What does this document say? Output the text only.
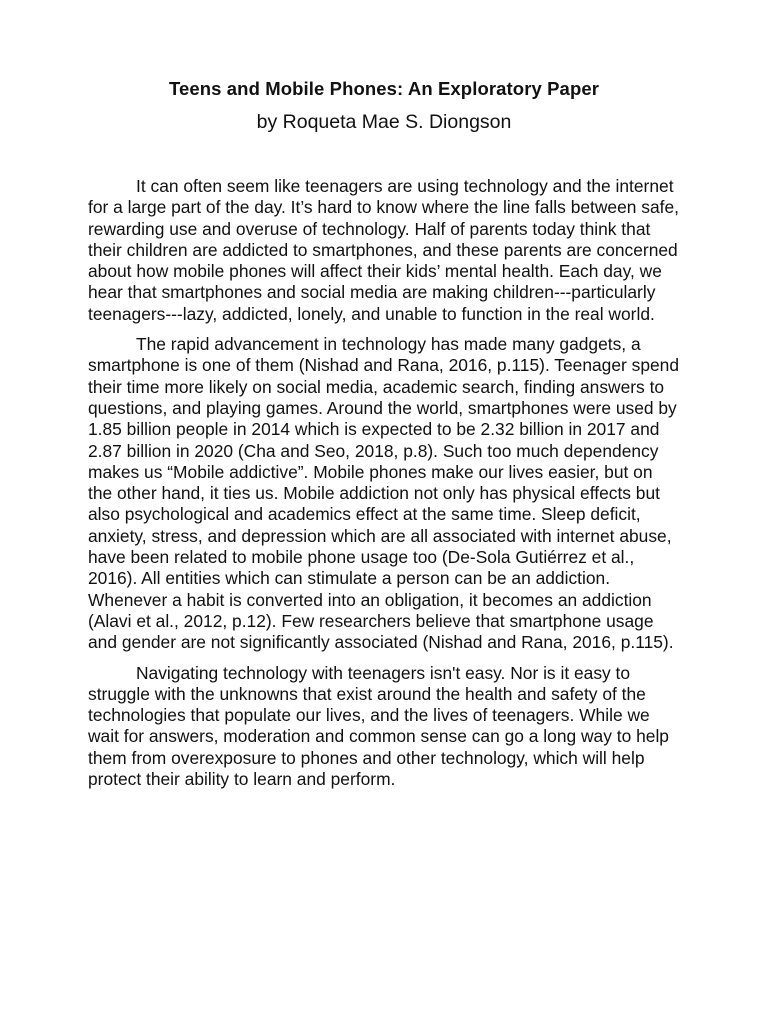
Teens and Mobile Phones: An Exploratory Paper

by Roqueta Mae S. Diongson

It can often seem like teenagers are using technology and the internet for a large part of the day. It’s hard to know where the line falls between safe, rewarding use and overuse of technology. Half of parents today think that their children are addicted to smartphones, and these parents are concerned about how mobile phones will affect their kids’ mental health. Each day, we hear that smartphones and social media are making children---particularly teenagers---lazy, addicted, lonely, and unable to function in the real world.

The rapid advancement in technology has made many gadgets, a smartphone is one of them (Nishad and Rana, 2016, p.115). Teenager spend their time more likely on social media, academic search, finding answers to questions, and playing games. Around the world, smartphones were used by 1.85 billion people in 2014 which is expected to be 2.32 billion in 2017 and 2.87 billion in 2020 (Cha and Seo, 2018, p.8). Such too much dependency makes us “Mobile addictive”. Mobile phones make our lives easier, but on the other hand, it ties us. Mobile addiction not only has physical effects but also psychological and academics effect at the same time. Sleep deficit, anxiety, stress, and depression which are all associated with internet abuse, have been related to mobile phone usage too (De-Sola Gutiérrez et al., 2016). All entities which can stimulate a person can be an addiction. Whenever a habit is converted into an obligation, it becomes an addiction (Alavi et al., 2012, p.12). Few researchers believe that smartphone usage and gender are not significantly associated (Nishad and Rana, 2016, p.115).

Navigating technology with teenagers isn't easy. Nor is it easy to struggle with the unknowns that exist around the health and safety of the technologies that populate our lives, and the lives of teenagers. While we wait for answers, moderation and common sense can go a long way to help them from overexposure to phones and other technology, which will help protect their ability to learn and perform.
